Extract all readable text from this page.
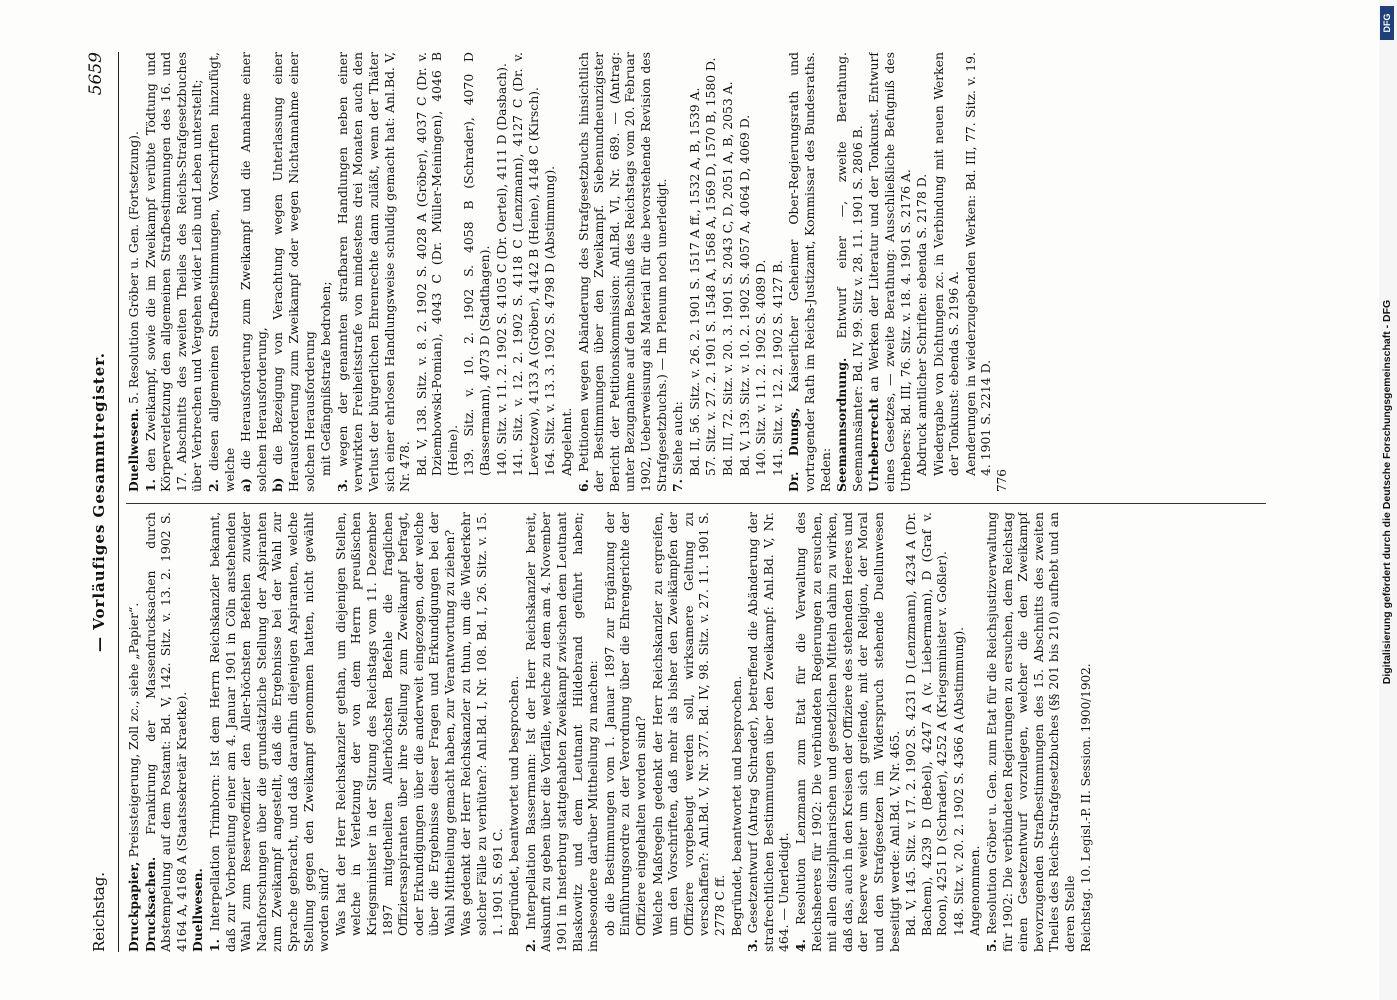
Reichstag.
— Vorläufiges Gesammtregister.
5659

Druckpapier, Preissteigerung, Zoll zc., siehe „Papier“.

Drucksachen. Frankirung der Massendrucksachen durch Abstempelung auf dem Postamt: Bd. V, 142. Sitz. v. 13. 2. 1902 S. 4164 A, 4168 A (Staatssekretär Kraetke). Duellwesen. 1. Interpellation Trimborn: Ist dem Herrn Reichskanzler bekannt, daß zur Vorbereitung einer am 4. Januar 1901 in Cöln anstehenden Wahl zum Reserveoffizier den Aller-höchsten Befehlen zuwider Nachforschungen über die grundsätzliche Stellung der Aspiranten zum Zweikampf angestellt, daß die Ergebnisse bei der Wahl zur Sprache gebracht, und daß daraufhin diejenigen Aspiranten, welche Stellung gegen den Zweikampf genommen hatten, nicht gewählt worden sind? Was hat der Herr Reichskanzler gethan, um diejenigen Stellen, welche in Verletzung der von dem Herrn preußischen Kriegsminister in der Sitzung des Reichstags vom 11. Dezember 1897 mitgetheilten Allerhöchsten Befehle die fraglichen Offiziersaspiranten über ihre Stellung zum Zweikampf befragt, oder Erkundigungen über die anderweit eingezogen, oder welche über die Ergebnisse dieser Fragen und Erkundigungen bei der Wahl Mittheilung gemacht haben, zur Verantwortung zu ziehen? Was gedenkt der Herr Reichskanzler zu thun, um die Wiederkehr solcher Fälle zu verhüten?: Anl.Bd. I, Nr. 108. Bd. I, 26. Sitz. v. 15. 1. 1901 S. 691 C. Begründet, beantwortet und besprochen.

2. Interpellation Bassermann: Ist der Herr Reichskanzler bereit, Auskunft zu geben über die Vorfälle, welche zu dem am 4. November 1901 in Insterburg stattgehabten Zweikampf zwischen dem Leutnant Blaskowitz und dem Leutnant Hildebrand geführt haben; insbesondere darüber Mittheilung zu machen: ob die Bestimmungen vom 1. Januar 1897 zur Ergänzung der Einführungsordre zu der Verordnung über die Ehrengerichte der Offiziere eingehalten worden sind? Welche Maßregeln gedenkt der Herr Reichskanzler zu ergreifen, um den Vorschriften, daß mehr als bisher den Zweikämpfen der Offiziere vorgebeugt werden soll, wirksamere Geltung zu verschaffen?: Anl.Bd. V, Nr. 377. Bd. IV, 98. Sitz. v. 27. 11. 1901 S. 2778 C ff. Begründet, beantwortet und besprochen.

3. Gesetzentwurf (Antrag Schrader), betreffend die Abänderung der strafrechtlichen Bestimmungen über den Zweikampf: Anl.Bd. V, Nr. 464. — Unerledigt. 4. Resolution Lenzmann zum Etat für die Verwaltung des Reichsheeres für 1902: Die verbündeten Regierungen zu ersuchen, mit allen disziplinarischen und gesetzlichen Mitteln dahin zu wirken, daß das, auch in den Kreisen der Offiziere des stehenden Heeres und der Reserve weiter um sich greifende, mit der Religion, der Moral und den Strafgesetzen im Widerspruch stehende Duellunwesen beseitigt werde: Anl.Bd. V, Nr. 465. Bd. V, 145. Sitz. v. 17. 2. 1902 S. 4231 D (Lenzmann), 4234 A (Dr. Bachem), 4239 D (Bebel), 4247 A (v. Liebermann), D (Graf v. Roon), 4251 D (Schrader), 4252 A (Kriegsminister v. Goßler). 148. Sitz. v. 20. 2. 1902 S. 4366 A (Abstimmung). Angenommen.

5. Resolution Gröber u. Gen. zum Etat für die Reichsjustizverwaltung für 1902: Die verbündeten Regierungen zu ersuchen, dem Reichstag einen Gesetzentwurf vorzulegen, welcher die den Zweikampf bevorzugenden Strafbestimmungen des 15. Abschnitts des zweiten Theiles des Reichs-Strafgesetzbuches (§§ 201 bis 210) aufhebt und an deren Stelle Reichstag. 10. Legisl.-P. II. Session. 1900/1902.

Duellwesen. 5. Resolution Gröber u. Gen. (Fortsetzung).

1. den Zweikampf, sowie die im Zweikampf verübte Tödtung und Körperverletzung den allgemeinen Strafbestimmungen des 16. und 17. Abschnitts des zweiten Theiles des Reichs-Strafgesetzbuches über Verbrechen und Vergehen wider Leib und Leben unterstellt; 2. diesen allgemeinen Strafbestimmungen, Vorschriften hinzufügt, welche a) die Herausforderung zum Zweikampf und die Annahme einer solchen Herausforderung, b) die Bezeigung von Verachtung wegen Unterlassung einer Herausforderung zum Zweikampf oder wegen Nichtannahme einer solchen Herausforderung mit Gefängnißstrafe bedrohen;

3. wegen der genannten strafbaren Handlungen neben einer verwirkten Freiheitsstrafe von mindestens drei Monaten auch den Verlust der bürgerlichen Ehrenrechte dann zuläßt, wenn der Thäter sich einer ehrlosen Handlungsweise schuldig gemacht hat: Anl.Bd. V, Nr. 478. Bd. V, 138. Sitz. v. 8. 2. 1902 S. 4028 A (Gröber), 4037 C (Dr. v. Dziembowski-Pomian), 4043 C (Dr. Müller-Meiningen), 4046 B (Heine). 139. Sitz. v. 10. 2. 1902 S. 4058 B (Schrader), 4070 D (Bassermann), 4073 D (Stadthagen). 140. Sitz. v. 11. 2. 1902 S. 4105 C (Dr. Oertel), 4111 D (Dasbach). 141. Sitz. v. 12. 2. 1902 S. 4118 C (Lenzmann), 4127 C (Dr. v. Levetzow), 4133 A (Gröber), 4142 B (Heine), 4148 C (Kirsch). 164. Sitz. v. 13. 3. 1902 S. 4798 D (Abstimmung). Abgelehnt.

6. Petitionen wegen Abänderung des Strafgesetzbuchs hinsichtlich der Bestimmungen über den Zweikampf. Siebenundneunzigster Bericht der Petitionskommission: Anl.Bd. VI, Nr. 689. — (Antrag: unter Bezugnahme auf den Beschluß des Reichstags vom 20. Februar 1902, Ueberweisung als Material für die bevorstehende Revision des Strafgesetzbuchs.) — Im Plenum noch unerledigt. 7. Siehe auch: Bd. II, 56. Sitz. v. 26. 2. 1901 S. 1517 A ff., 1532 A, B, 1539 A. 57. Sitz. v. 27. 2. 1901 S. 1548 A, 1568 A, 1569 D, 1570 B, 1580 D. Bd. III, 72. Sitz. v. 20. 3. 1901 S. 2043 C, D, 2051 A, B, 2053 A. Bd. V, 139. Sitz. v. 10. 2. 1902 S. 4057 A, 4064 D, 4069 D. 140. Sitz. v. 11. 2. 1902 S. 4089 D. 141. Sitz. v. 12. 2. 1902 S. 4127 B. Dr. Dungs, Kaiserlicher Geheimer Ober-Regierungsrath und vortragender Rath im Reichs-Justizamt, Kommissar des Bundesraths. Reden: Seemannsordnung. Entwurf einer —, zweite Berathung. Seemannsämter: Bd. IV, 99. Sitz v. 28. 11. 1901 S. 2806 B. Urheberrecht an Werken der Literatur und der Tonkunst. Entwurf eines Gesetzes, — zweite Berathung: Ausschließliche Befugniß des Urhebers: Bd. III, 76. Sitz. v. 18. 4. 1901 S. 2176 A. Abdruck amtlicher Schriften: ebenda S. 2178 D. Wiedergabe von Dichtungen zc. in Verbindung mit neuen Werken der Tonkunst: ebenda S. 2196 A. Aenderungen in wiederzugebenden Werken: Bd. III, 77. Sitz. v. 19. 4. 1901 S. 2214 D.

776	Digitalisierung gefördert durch die Deutsche Forschungsgemeinschaft - DFG
DFG
